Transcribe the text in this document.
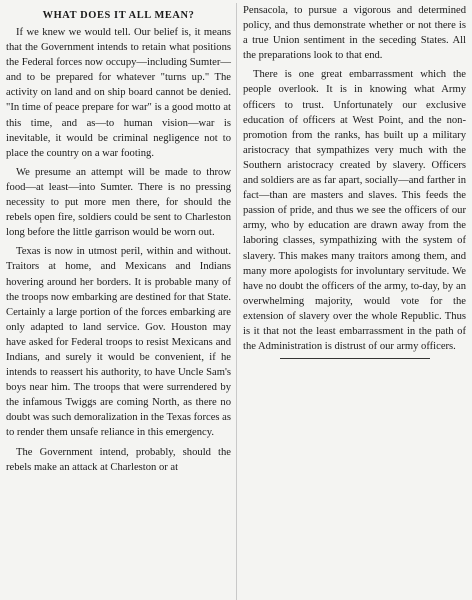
WHAT DOES IT ALL MEAN?

If we knew we would tell. Our belief is, it means that the Government intends to retain what positions the Federal forces now occupy—including Sumter—and to be prepared for whatever "turns up." The activity on land and on ship board cannot be denied. "In time of peace prepare for war" is a good motto at this time, and as—to human vision—war is inevitable, it would be criminal negligence not to place the country on a war footing.

We presume an attempt will be made to throw food—at least—into Sumter. There is no pressing necessity to put more men there, for should the rebels open fire, soldiers could be sent to Charleston long before the little garrison would be worn out.

Texas is now in utmost peril, within and without. Traitors at home, and Mexicans and Indians hovering around her borders. It is probable many of the troops now embarking are destined for that State. Certainly a large portion of the forces embarking are only adapted to land service. Gov. Houston may have asked for Federal troops to resist Mexicans and Indians, and surely it would be convenient, if he intends to reassert his authority, to have Uncle Sam's boys near him. The troops that were surrendered by the infamous Twiggs are coming North, as there no doubt was such demoralization in the Texas forces as to render them unsafe reliance in this emergency.

The Government intend, probably, should the rebels make an attack at Charleston or at

Pensacola, to pursue a vigorous and determined policy, and thus demonstrate whether or not there is a true Union sentiment in the seceding States. All the preparations look to that end.

There is one great embarrassment which the people overlook. It is in knowing what Army officers to trust. Unfortunately our exclusive education of officers at West Point, and the non-promotion from the ranks, has built up a military aristocracy that sympathizes very much with the Southern aristocracy created by slavery. Officers and soldiers are as far apart, socially—and farther in fact—than are masters and slaves. This feeds the passion of pride, and thus we see the officers of our army, who by education are drawn away from the laboring classes, sympathizing with the system of slavery. This makes many traitors among them, and many more apologists for involuntary servitude. We have no doubt the officers of the army, to-day, by an overwhelming majority, would vote for the extension of slavery over the whole Republic. Thus is it that not the least embarrassment in the path of the Administration is distrust of our army officers.
